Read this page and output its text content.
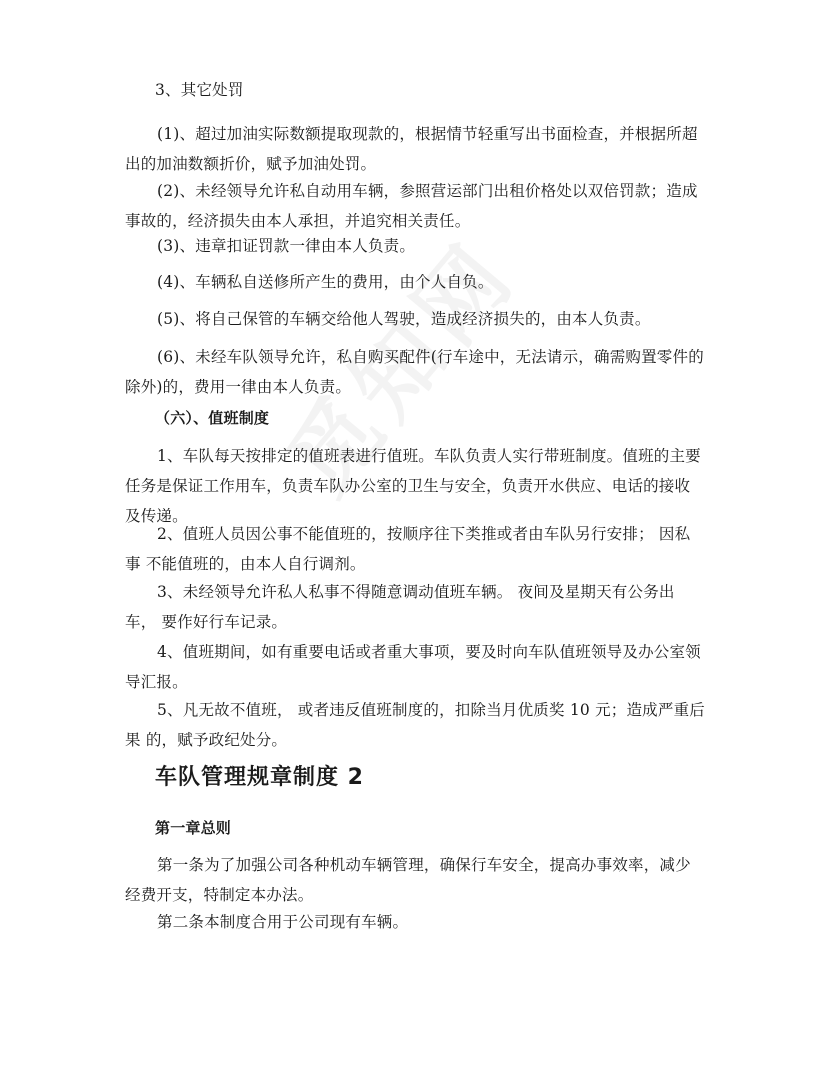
3、其它处罚

(1)、超过加油实际数额提取现款的，根据情节轻重写出书面检查，并根据所超出的加油数额折价，赋予加油处罚。

(2)、未经领导允许私自动用车辆，参照营运部门出租价格处以双倍罚款；造成事故的，经济损失由本人承担，并追究相关责任。

(3)、违章扣证罚款一律由本人负责。

(4)、车辆私自送修所产生的费用，由个人自负。

(5)、将自己保管的车辆交给他人驾驶，造成经济损失的，由本人负责。

(6)、未经车队领导允许，私自购买配件(行车途中，无法请示，确需购置零件的除外)的，费用一律由本人负责。

（六）、值班制度

1、车队每天按排定的值班表进行值班。车队负责人实行带班制度。值班的主要任务是保证工作用车，负责车队办公室的卫生与安全，负责开水供应、电话的接收及传递。

2、值班人员因公事不能值班的，按顺序往下类推或者由车队另行安排； 因私事 不能值班的，由本人自行调剂。

3、未经领导允许私人私事不得随意调动值班车辆。 夜间及星期天有公务出车， 要作好行车记录。

4、值班期间，如有重要电话或者重大事项，要及时向车队值班领导及办公室领 导汇报。

5、凡无故不值班， 或者违反值班制度的，扣除当月优质奖 10 元；造成严重后果 的，赋予政纪处分。

车队管理规章制度 2

第一章总则

第一条为了加强公司各种机动车辆管理，确保行车安全，提高办事效率，减少经费开支，特制定本办法。

第二条本制度合用于公司现有车辆。
